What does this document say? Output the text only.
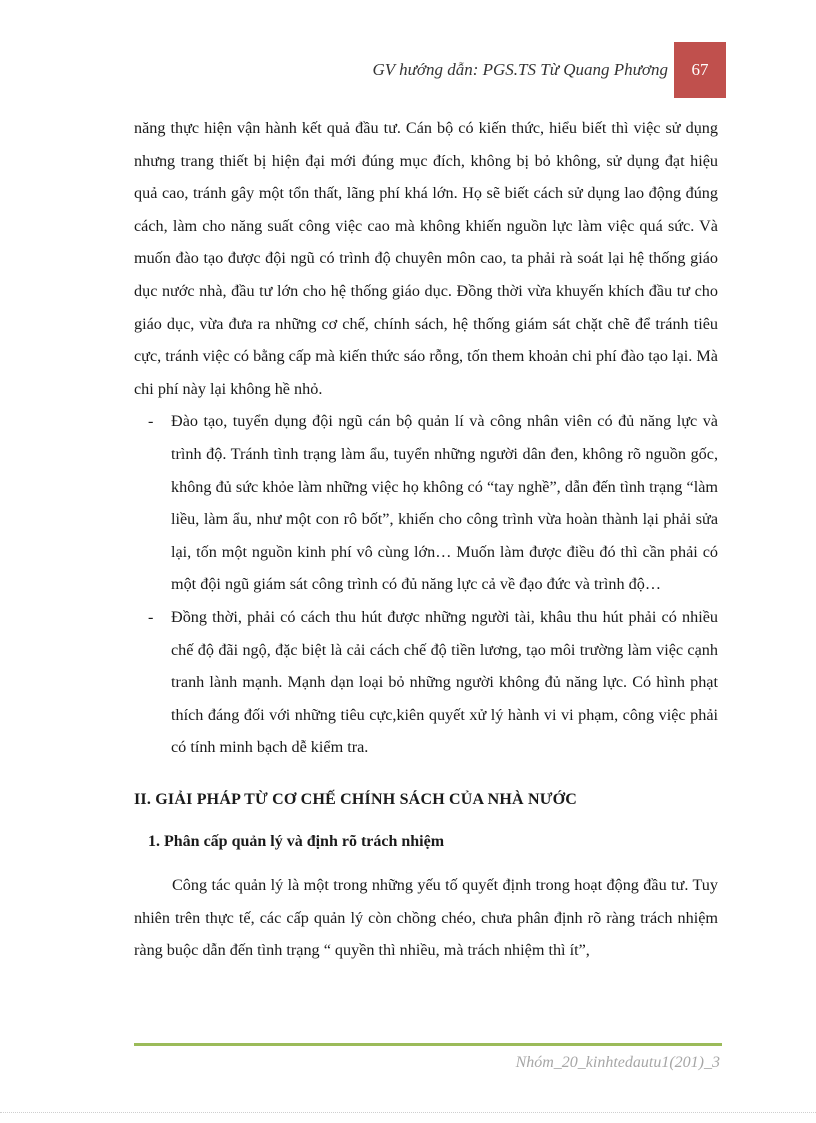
GV hướng dẫn: PGS.TS Từ Quang Phương	67

năng thực hiện vận hành kết quả đầu tư. Cán bộ có kiến thức, hiểu biết thì việc sử dụng nhưng trang thiết bị hiện đại mới đúng mục đích, không bị bỏ không, sử dụng đạt hiệu quả cao, tránh gây một tổn thất, lãng phí khá lớn. Họ sẽ biết cách sử dụng lao động đúng cách, làm cho năng suất công việc cao mà không khiến nguồn lực làm việc quá sức. Và muốn đào tạo được đội ngũ có trình độ chuyên môn cao, ta phải rà soát lại hệ thống giáo dục nước nhà, đầu tư lớn cho hệ thống giáo dục. Đồng thời vừa khuyến khích đầu tư cho giáo dục, vừa đưa ra những cơ chế, chính sách, hệ thống giám sát chặt chẽ để tránh tiêu cực, tránh việc có bằng cấp mà kiến thức sáo rỗng, tốn them khoản chi phí đào tạo lại. Mà chi phí này lại không hề nhỏ.

- Đào tạo, tuyển dụng đội ngũ cán bộ quản lí và công nhân viên có đủ năng lực và trình độ. Tránh tình trạng làm ẩu, tuyển những người dân đen, không rõ nguồn gốc, không đủ sức khỏe làm những việc họ không có “tay nghề”, dẫn đến tình trạng “làm liều, làm ẩu, như một con rô bốt”, khiến cho công trình vừa hoàn thành lại phải sửa lại, tốn một nguồn kinh phí vô cùng lớn… Muốn làm được điều đó thì cần phải có một đội ngũ giám sát công trình có đủ năng lực cả về đạo đức và trình độ…
- Đồng thời, phải có cách thu hút được những người tài, khâu thu hút phải có nhiều chế độ đãi ngộ, đặc biệt là cải cách chế độ tiền lương, tạo môi trường làm việc cạnh tranh lành mạnh. Mạnh dạn loại bỏ những người không đủ năng lực. Có hình phạt thích đáng đối với những tiêu cực,kiên quyết xử lý hành vi vi phạm, công việc phải có tính minh bạch dễ kiểm tra.
II. GIẢI PHÁP TỪ CƠ CHẾ CHÍNH SÁCH CỦA NHÀ NƯỚC
1. Phân cấp quản lý và định rõ trách nhiệm

Công tác quản lý là một trong những yếu tố quyết định trong hoạt động đầu tư. Tuy nhiên trên thực tế, các cấp quản lý còn chồng chéo, chưa phân định rõ ràng trách nhiệm ràng buộc dẫn đến tình trạng “ quyền thì nhiều, mà trách nhiệm thì ít”,

Nhóm_20_kinhtedautu1(201)_3
